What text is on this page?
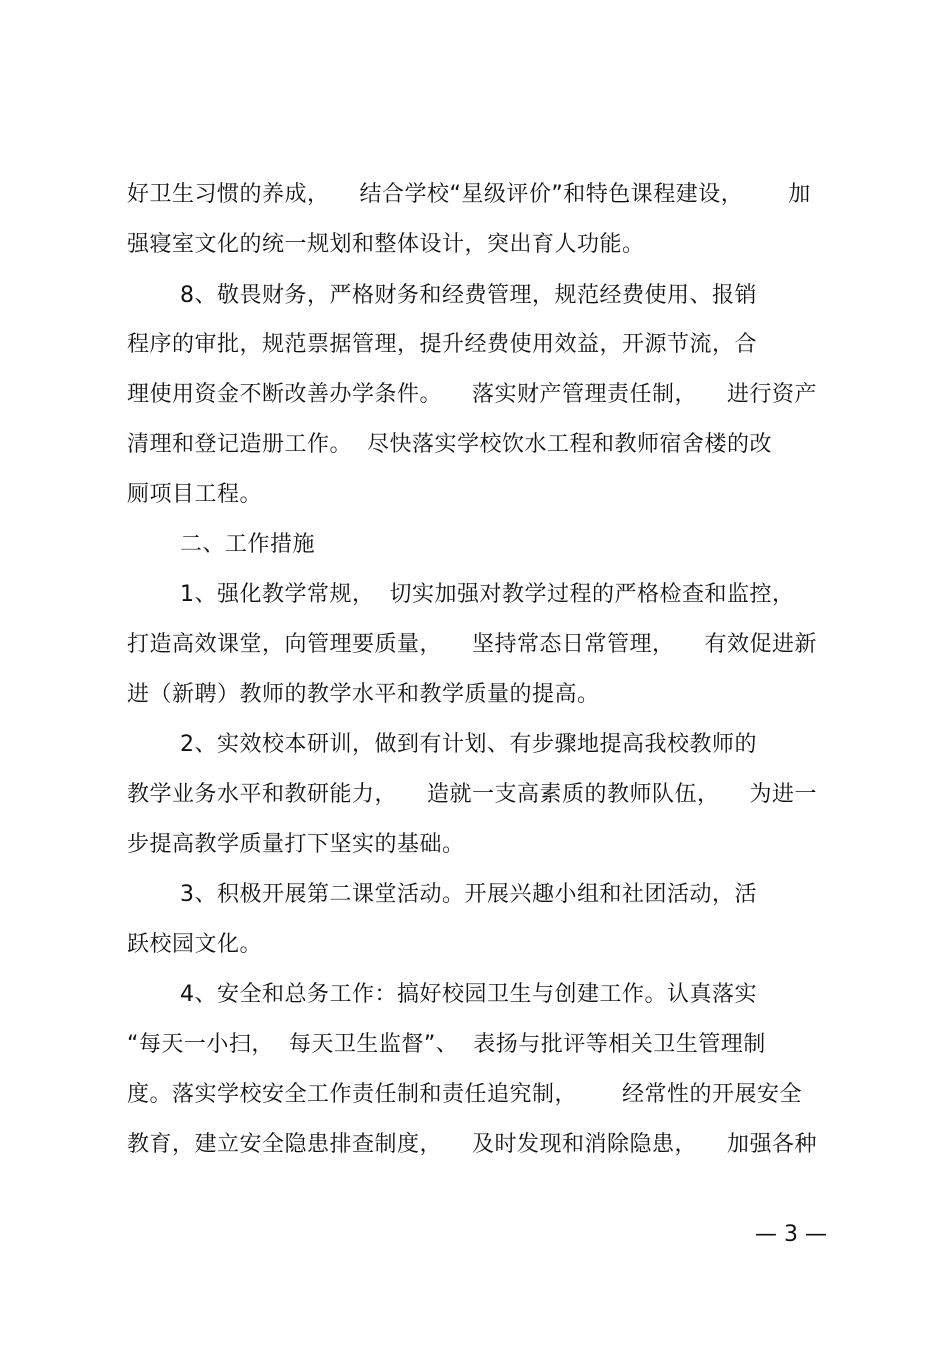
好卫生习惯的养成，    结合学校“星级评价”和特色课程建设，      加
强寝室文化的统一规划和整体设计，突出育人功能。
8、敬畏财务，严格财务和经费管理，规范经费使用、报销
程序的审批，规范票据管理，提升经费使用效益，开源节流，合
理使用资金不断改善办学条件。    落实财产管理责任制，    进行资产
清理和登记造册工作。  尽快落实学校饮水工程和教师宿舍楼的改
厕项目工程。
二、工作措施
1、强化教学常规，  切实加强对教学过程的严格检查和监控，
打造高效课堂，向管理要质量，    坚持常态日常管理，    有效促进新
进（新聘）教师的教学水平和教学质量的提高。
2、实效校本研训，做到有计划、有步骤地提高我校教师的
教学业务水平和教研能力，    造就一支高素质的教师队伍，    为进一
步提高教学质量打下坚实的基础。
3、积极开展第二课堂活动。开展兴趣小组和社团活动，活
跃校园文化。
4、安全和总务工作：搞好校园卫生与创建工作。认真落实
“每天一小扫，  每天卫生监督”、  表扬与批评等相关卫生管理制
度。落实学校安全工作责任制和责任追究制，      经常性的开展安全
教育，建立安全隐患排查制度，    及时发现和消除隐患，    加强各种
— 3 —
